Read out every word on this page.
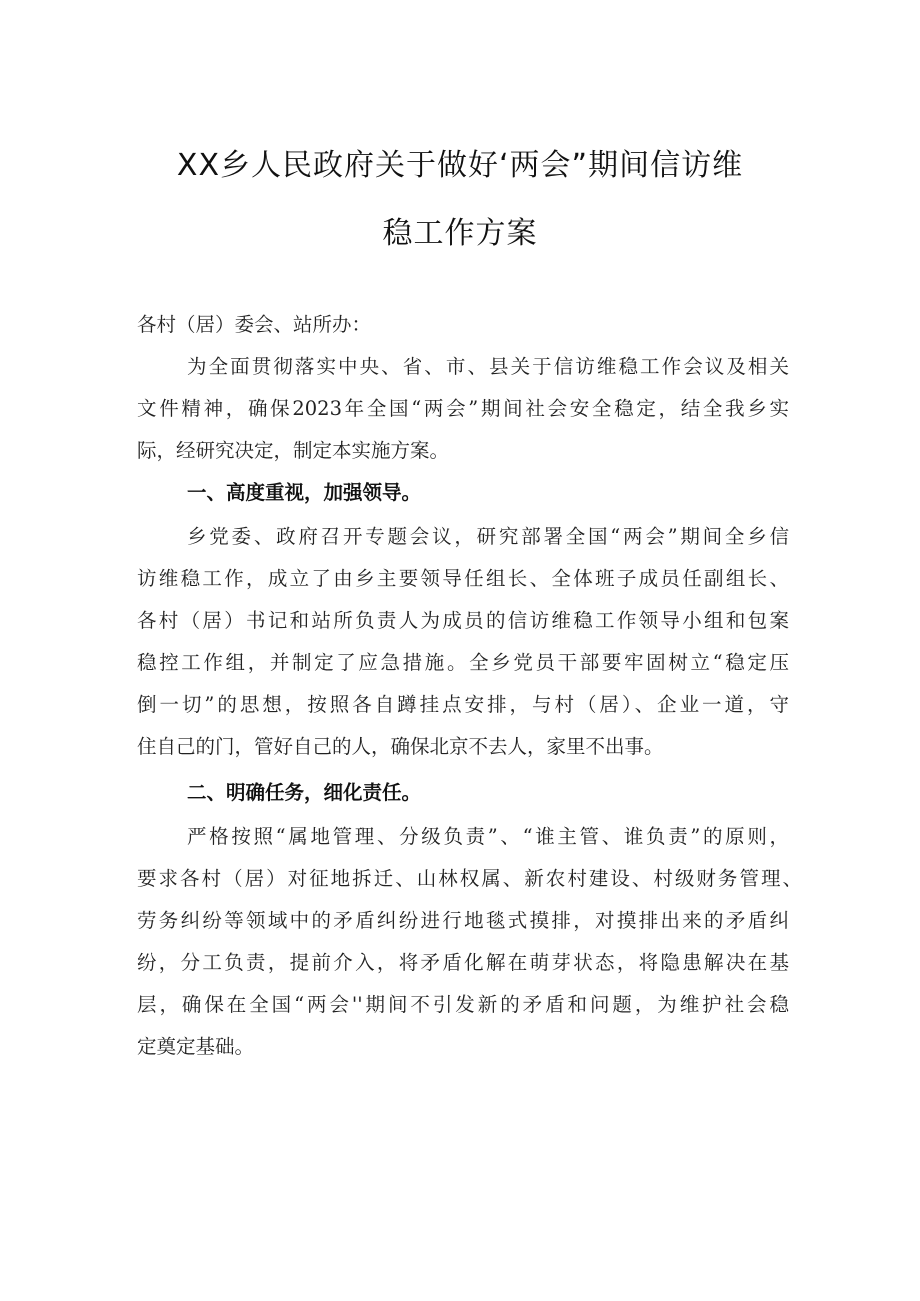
XX乡人民政府关于做好‘两会”期间信访维
稳工作方案
各村（居）委会、站所办：
为全面贯彻落实中央、省、市、县关于信访维稳工作会议及相关
文件精神，确保2023年全国“两会”期间社会安全稳定，结全我乡实
际，经研究决定，制定本实施方案。
一、高度重视，加强领导。
乡党委、政府召开专题会议，研究部署全国“两会”期间全乡信
访维稳工作，成立了由乡主要领导任组长、全体班子成员任副组长、
各村（居）书记和站所负责人为成员的信访维稳工作领导小组和包案
稳控工作组，并制定了应急措施。全乡党员干部要牢固树立“稳定压
倒一切”的思想，按照各自蹲挂点安排，与村（居）、企业一道，守
住自己的门，管好自己的人，确保北京不去人，家里不出事。
二、明确任务，细化责任。
严格按照“属地管理、分级负责”、“谁主管、谁负责”的原则，
要求各村（居）对征地拆迁、山林权属、新农村建设、村级财务管理、
劳务纠纷等领域中的矛盾纠纷进行地毯式摸排，对摸排出来的矛盾纠
纷，分工负责，提前介入，将矛盾化解在萌芽状态，将隐患解决在基
层，确保在全国“两会''期间不引发新的矛盾和问题，为维护社会稳
定奠定基础。
